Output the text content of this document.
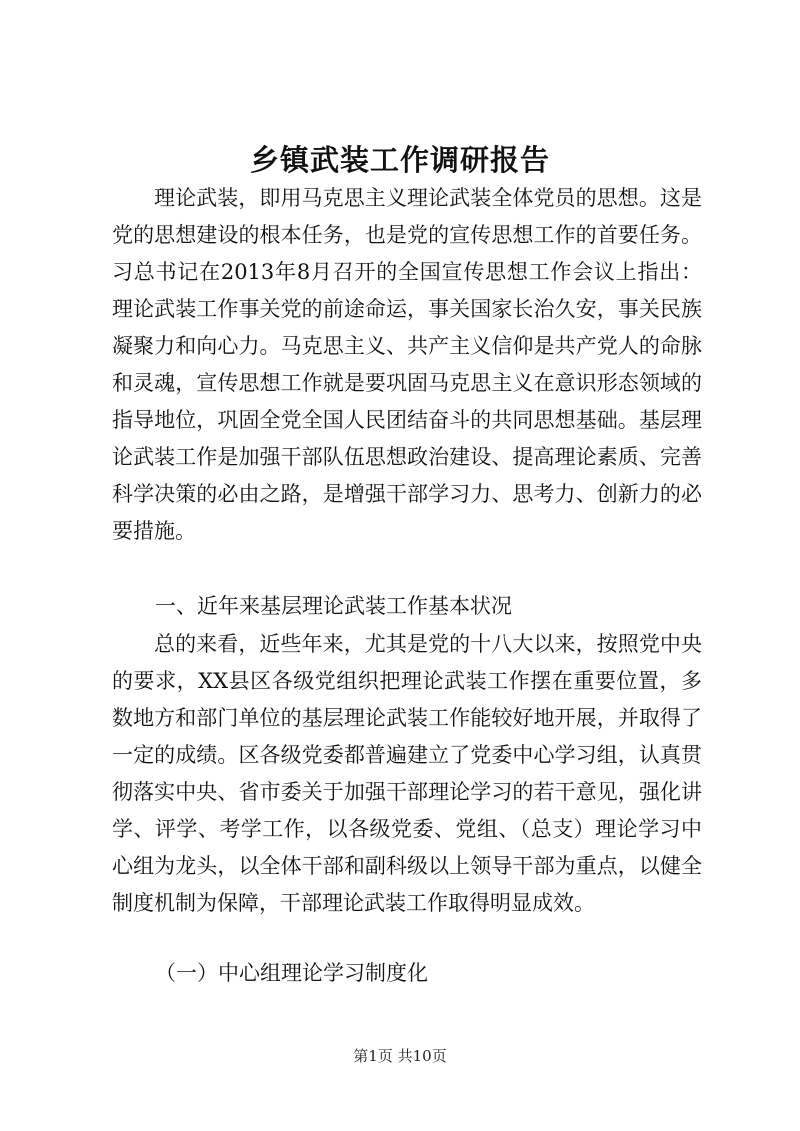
乡镇武装工作调研报告

理论武装，即用马克思主义理论武装全体党员的思想。这是党的思想建设的根本任务，也是党的宣传思想工作的首要任务。习总书记在2013年8月召开的全国宣传思想工作会议上指出：理论武装工作事关党的前途命运，事关国家长治久安，事关民族凝聚力和向心力。马克思主义、共产主义信仰是共产党人的命脉和灵魂，宣传思想工作就是要巩固马克思主义在意识形态领域的指导地位，巩固全党全国人民团结奋斗的共同思想基础。基层理论武装工作是加强干部队伍思想政治建设、提高理论素质、完善科学决策的必由之路，是增强干部学习力、思考力、创新力的必要措施。

一、近年来基层理论武装工作基本状况

总的来看，近些年来，尤其是党的十八大以来，按照党中央的要求，XX县区各级党组织把理论武装工作摆在重要位置，多数地方和部门单位的基层理论武装工作能较好地开展，并取得了一定的成绩。区各级党委都普遍建立了党委中心学习组，认真贯彻落实中央、省市委关于加强干部理论学习的若干意见，强化讲学、评学、考学工作，以各级党委、党组、（总支）理论学习中心组为龙头，以全体干部和副科级以上领导干部为重点，以健全制度机制为保障，干部理论武装工作取得明显成效。

（一）中心组理论学习制度化

第1页 共10页
